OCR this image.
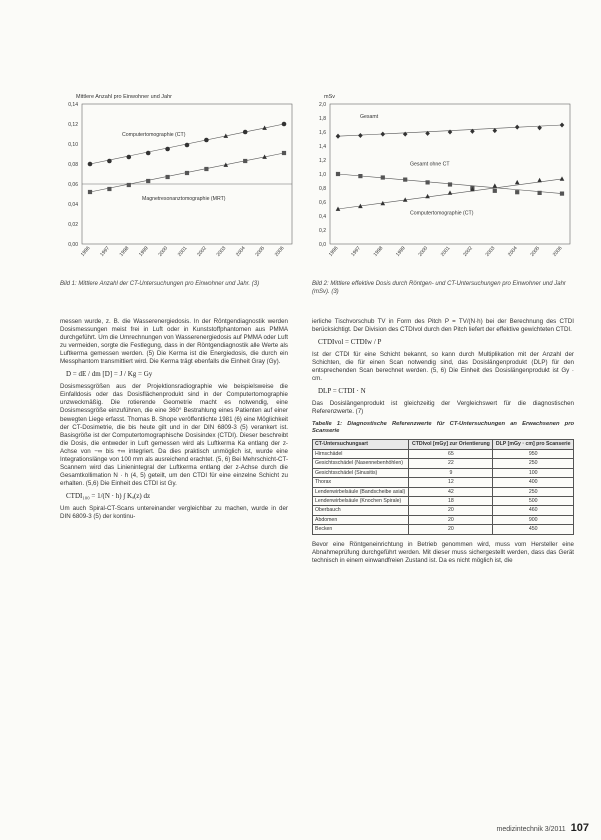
Mittlere Anzahl pro Einwohner und Jahr
0,14
0,12
0,10
0,08
0,06
0,04
0,02
0,00
1996 1997 1998 1999 2000 2001 2002 2003 2004 2005 2006
Computertomographie (CT)
Magnetresonanztomographie (MRT)
mSv
2,0
1,8
1,6
1,4
1,2
1,0
0,8
0,6
0,4
0,2
0,0
1996 1997 1998 1999 2000 2001 2002 2003 2004 2005 2006
Gesamt
Gesamt ohne CT
Computertomographie (CT)
Bild 1: Mittlere Anzahl der CT-Untersuchungen pro Einwohner und Jahr. (3)	Bild 2: Mittlere effektive Dosis durch Röntgen- und CT-Untersuchungen pro Einwohner und Jahr (mSv). (3)

messen wurde, z. B. die Wasserenergiedosis. In der Röntgendiagnostik werden Dosismessungen meist frei in Luft oder in Kunststoffphantomen aus PMMA durchgeführt. Um die Umrechnungen von Wasserenergiedosis auf PMMA oder Luft zu vermeiden, sorgte die Festlegung, dass in der Röntgendiagnostik alle Werte als Luftkerma gemessen werden. (5) Die Kerma ist die Energiedosis, die durch ein Messphantom transmittiert wird. Die Kerma trägt ebenfalls die Einheit Gray (Gy).

D = dE / dm [D] = J / Kg = Gy

Dosismessgrößen aus der Projektionsradiographie wie beispielsweise die Einfalldosis oder das Dosisflächenprodukt sind in der Computertomographie unzweckmäßig. Die rotierende Geometrie macht es notwendig, eine Dosismessgröße einzuführen, die eine 360° Bestrahlung eines Patienten auf einer bewegten Liege erfasst. Thomas B. Shope veröffentlichte 1981 (6) eine Möglichkeit der CT-Dosimetrie, die bis heute gilt und in der DIN 6809-3 (5) verankert ist. Basisgröße ist der Computertomographische Dosisindex (CTDI). Dieser beschreibt die Dosis, die entweder in Luft gemessen wird als Luftkerma Ka entlang der z-Achse von −∞ bis +∞ integriert. Da dies praktisch unmöglich ist, wurde eine Integrationslänge von 100 mm als ausreichend erachtet. (5, 6) Bei Mehrschicht-CT-Scannern wird das Linienintegral der Luftkerma entlang der z-Achse durch die Gesamtkollimation N · h (4, 5) geteilt, um den CTDI für eine einzelne Schicht zu erhalten. (5,6) Die Einheit des CTDI ist Gy.

CTDI₁₀₀ = 1/(N · h) ∫ Kₐ(z) dz

Um auch Spiral-CT-Scans untereinander vergleichbar zu machen, wurde in der DIN 6809-3 (5) der kontinu-

ierliche Tischvorschub TV in Form des Pitch P = TV/(N·h) bei der Berechnung des CTDI berücksichtigt. Der Division des CTDIvol durch den Pitch liefert der effektive gewichteten CTDI.

CTDIvol = CTDIw / P

Ist der CTDI für eine Schicht bekannt, so kann durch Multiplikation mit der Anzahl der Schichten, die für einen Scan notwendig sind, das Dosislängenprodukt (DLP) für den entsprechenden Scan berechnet werden. (5, 6) Die Einheit des Dosislängenprodukt ist Gy · cm.

DLP = CTDI · N

Das Dosislängenprodukt ist gleichzeitig der Vergleichswert für die diagnostischen Referenzwerte. (7)

Tabelle 1: Diagnostische Referenzwerte für CT-Untersuchungen an Erwachsenen pro Scanserie
CT-Untersuchungsart	CTDIvol [mGy] zur Orientierung	DLP [mGy · cm] pro Scanserie
Hirnschädel	65	950
Gesichtsschädel (Nasennebenhöhlen)	22	250
Gesichtsschädel (Sinusitis)	9	100
Thorax	12	400
Lendenwirbelsäule (Bandscheibe axial)	42	250
Lendenwirbelsäule (Knochen Spirale)	18	500
Oberbauch	20	460
Abdomen	20	900
Becken	20	450

Bevor eine Röntgeneinrichtung in Betrieb genommen wird, muss vom Hersteller eine Abnahmeprüfung durchgeführt werden. Mit dieser muss sichergestellt werden, dass das Gerät technisch in einem einwandfreien Zustand ist. Da es nicht möglich ist, die

medizintechnik 3/2011 107
